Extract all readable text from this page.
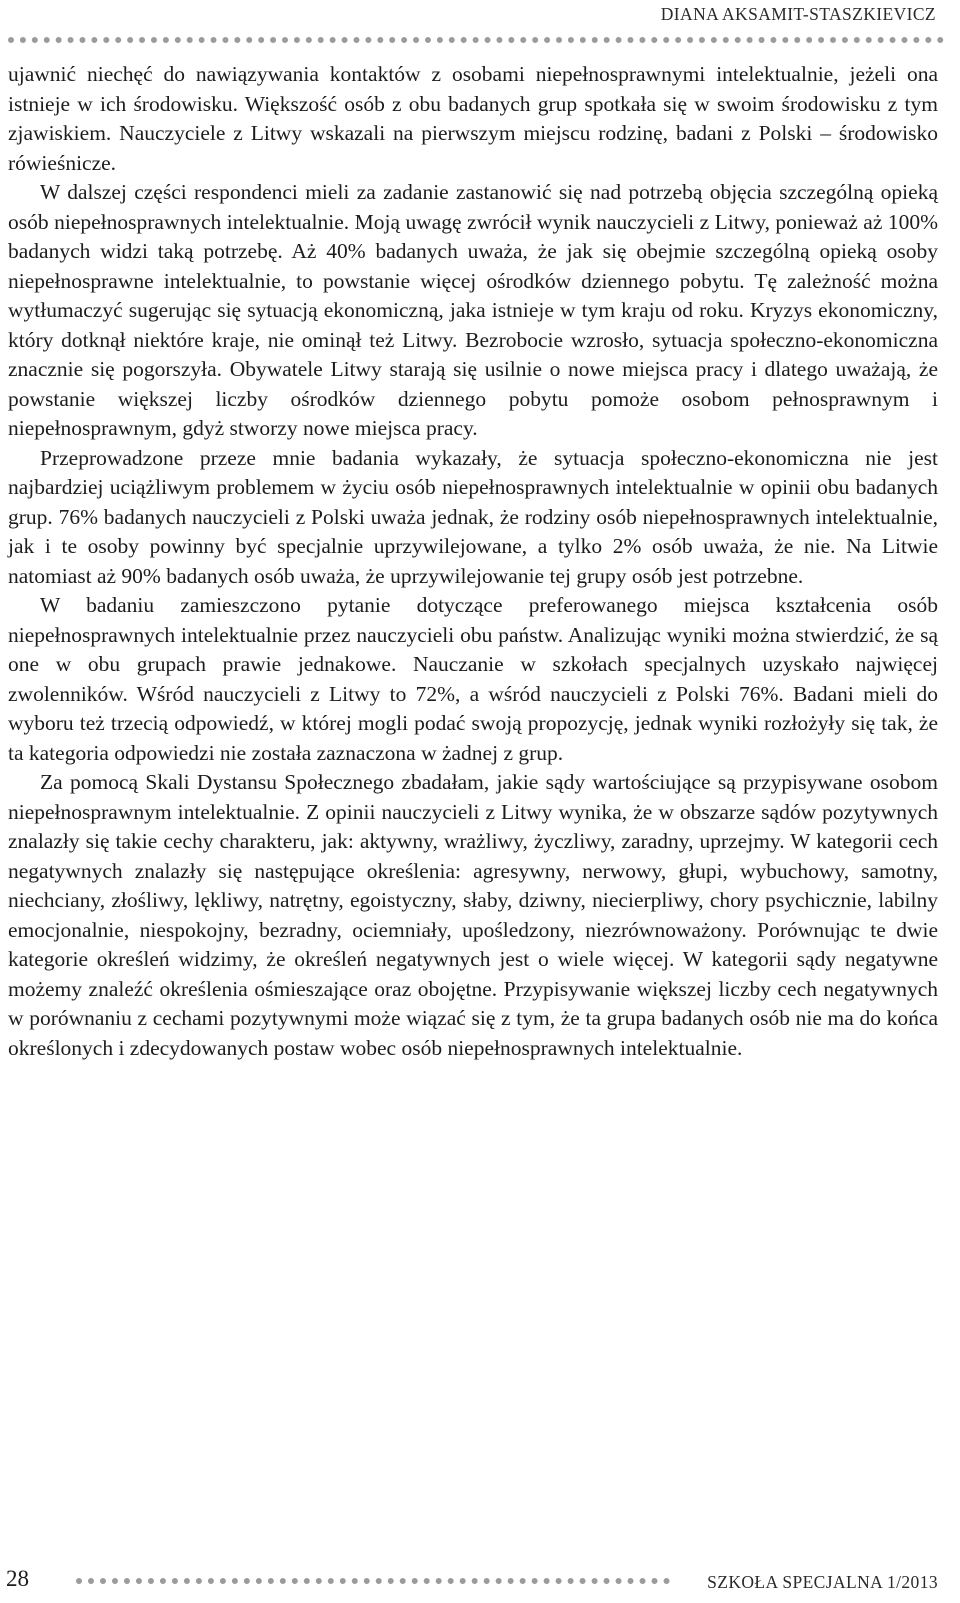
DIANA AKSAMIT-STASZKIEVICZ

ujawnić niechęć do nawiązywania kontaktów z osobami niepełnosprawnymi intelektualnie, jeżeli ona istnieje w ich środowisku. Większość osób z obu badanych grup spotkała się w swoim środowisku z tym zjawiskiem. Nauczyciele z Litwy wskazali na pierwszym miejscu rodzinę, badani z Polski – środowisko rówieśnicze.

W dalszej części respondenci mieli za zadanie zastanowić się nad potrzebą objęcia szczególną opieką osób niepełnosprawnych intelektualnie. Moją uwagę zwrócił wynik nauczycieli z Litwy, ponieważ aż 100% badanych widzi taką potrzebę. Aż 40% badanych uważa, że jak się obejmie szczególną opieką osoby niepełnosprawne intelektualnie, to powstanie więcej ośrodków dziennego pobytu. Tę zależność można wytłumaczyć sugerując się sytuacją ekonomiczną, jaka istnieje w tym kraju od roku. Kryzys ekonomiczny, który dotknął niektóre kraje, nie ominął też Litwy. Bezrobocie wzrosło, sytuacja społeczno-ekonomiczna znacznie się pogorszyła. Obywatele Litwy starają się usilnie o nowe miejsca pracy i dlatego uważają, że powstanie większej liczby ośrodków dziennego pobytu pomoże osobom pełnosprawnym i niepełnosprawnym, gdyż stworzy nowe miejsca pracy.

Przeprowadzone przeze mnie badania wykazały, że sytuacja społeczno-ekonomiczna nie jest najbardziej uciążliwym problemem w życiu osób niepełnosprawnych intelektualnie w opinii obu badanych grup. 76% badanych nauczycieli z Polski uważa jednak, że rodziny osób niepełnosprawnych intelektualnie, jak i te osoby powinny być specjalnie uprzywilejowane, a tylko 2% osób uważa, że nie. Na Litwie natomiast aż 90% badanych osób uważa, że uprzywilejowanie tej grupy osób jest potrzebne.

W badaniu zamieszczono pytanie dotyczące preferowanego miejsca kształcenia osób niepełnosprawnych intelektualnie przez nauczycieli obu państw. Analizując wyniki można stwierdzić, że są one w obu grupach prawie jednakowe. Nauczanie w szkołach specjalnych uzyskało najwięcej zwolenników. Wśród nauczycieli z Litwy to 72%, a wśród nauczycieli z Polski 76%. Badani mieli do wyboru też trzecią odpowiedź, w której mogli podać swoją propozycję, jednak wyniki rozłożyły się tak, że ta kategoria odpowiedzi nie została zaznaczona w żadnej z grup.

Za pomocą Skali Dystansu Społecznego zbadałam, jakie sądy wartościujące są przypisywane osobom niepełnosprawnym intelektualnie. Z opinii nauczycieli z Litwy wynika, że w obszarze sądów pozytywnych znalazły się takie cechy charakteru, jak: aktywny, wrażliwy, życzliwy, zaradny, uprzejmy. W kategorii cech negatywnych znalazły się następujące określenia: agresywny, nerwowy, głupi, wybuchowy, samotny, niechciany, złośliwy, lękliwy, natrętny, egoistyczny, słaby, dziwny, niecierpliwy, chory psychicznie, labilny emocjonalnie, niespokojny, bezradny, ociemniały, upośledzony, niezrównoważony. Porównując te dwie kategorie określeń widzimy, że określeń negatywnych jest o wiele więcej. W kategorii sądy negatywne możemy znaleźć określenia ośmieszające oraz obojętne. Przypisywanie większej liczby cech negatywnych w porównaniu z cechami pozytywnymi może wiązać się z tym, że ta grupa badanych osób nie ma do końca określonych i zdecydowanych postaw wobec osób niepełnosprawnych intelektualnie.

28	SZKOŁA SPECJALNA 1/2013
